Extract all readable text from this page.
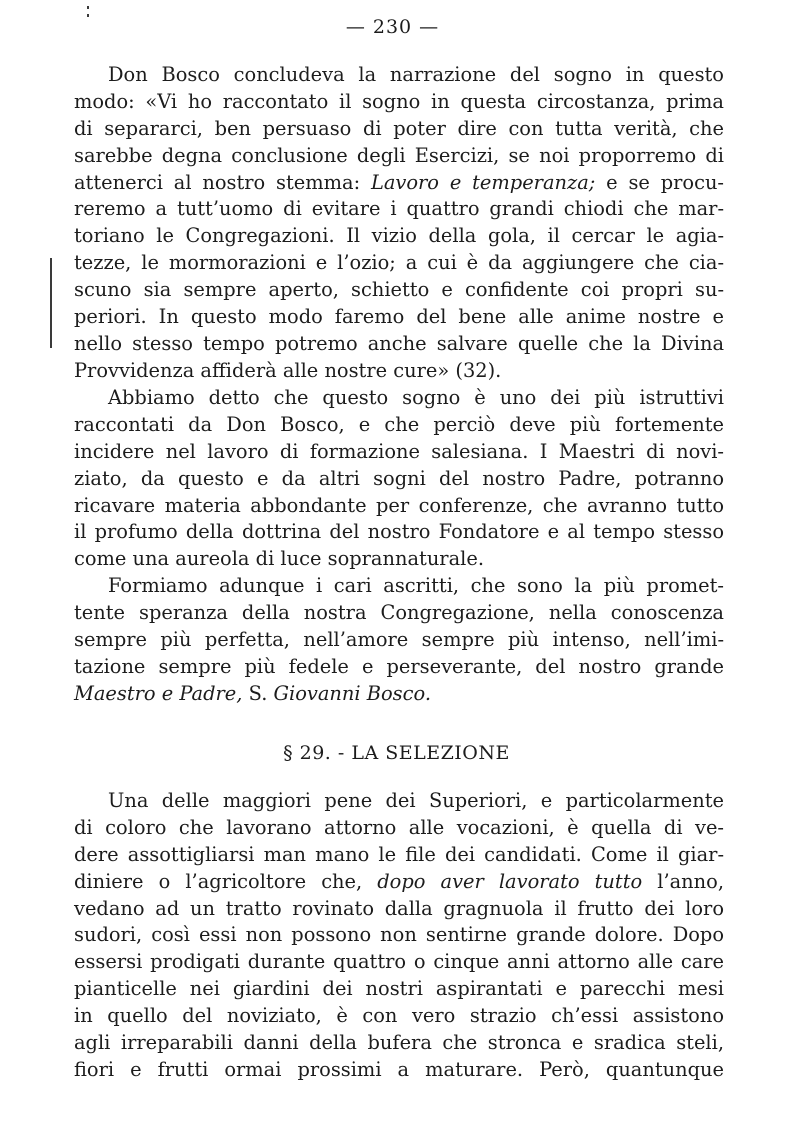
— 230 —
Don Bosco concludeva la narrazione del sogno in questo
modo: «Vi ho raccontato il sogno in questa circostanza, prima
di separarci, ben persuaso di poter dire con tutta verità, che
sarebbe degna conclusione degli Esercizi, se noi proporremo di
attenerci al nostro stemma: Lavoro e temperanza; e se procu-
reremo a tutt’uomo di evitare i quattro grandi chiodi che mar-
toriano le Congregazioni. Il vizio della gola, il cercar le agia-
tezze, le mormorazioni e l’ozio; a cui è da aggiungere che cia-
scuno sia sempre aperto, schietto e confidente coi propri su-
periori. In questo modo faremo del bene alle anime nostre e
nello stesso tempo potremo anche salvare quelle che la Divina
Provvidenza affiderà alle nostre cure» (32).
Abbiamo detto che questo sogno è uno dei più istruttivi
raccontati da Don Bosco, e che perciò deve più fortemente
incidere nel lavoro di formazione salesiana. I Maestri di novi-
ziato, da questo e da altri sogni del nostro Padre, potranno
ricavare materia abbondante per conferenze, che avranno tutto
il profumo della dottrina del nostro Fondatore e al tempo stesso
come una aureola di luce soprannaturale.
Formiamo adunque i cari ascritti, che sono la più promet-
tente speranza della nostra Congregazione, nella conoscenza
sempre più perfetta, nell’amore sempre più intenso, nell’imi-
tazione sempre più fedele e perseverante, del nostro grande
Maestro e Padre, S. Giovanni Bosco.
§ 29. - LA SELEZIONE
Una delle maggiori pene dei Superiori, e particolarmente
di coloro che lavorano attorno alle vocazioni, è quella di ve-
dere assottigliarsi man mano le file dei candidati. Come il giar-
diniere o l’agricoltore che, dopo aver lavorato tutto l’anno,
vedano ad un tratto rovinato dalla gragnuola il frutto dei loro
sudori, così essi non possono non sentirne grande dolore. Dopo
essersi prodigati durante quattro o cinque anni attorno alle care
pianticelle nei giardini dei nostri aspirantati e parecchi mesi
in quello del noviziato, è con vero strazio ch’essi assistono
agli irreparabili danni della bufera che stronca e sradica steli,
fiori e frutti ormai prossimi a maturare. Però, quantunque
